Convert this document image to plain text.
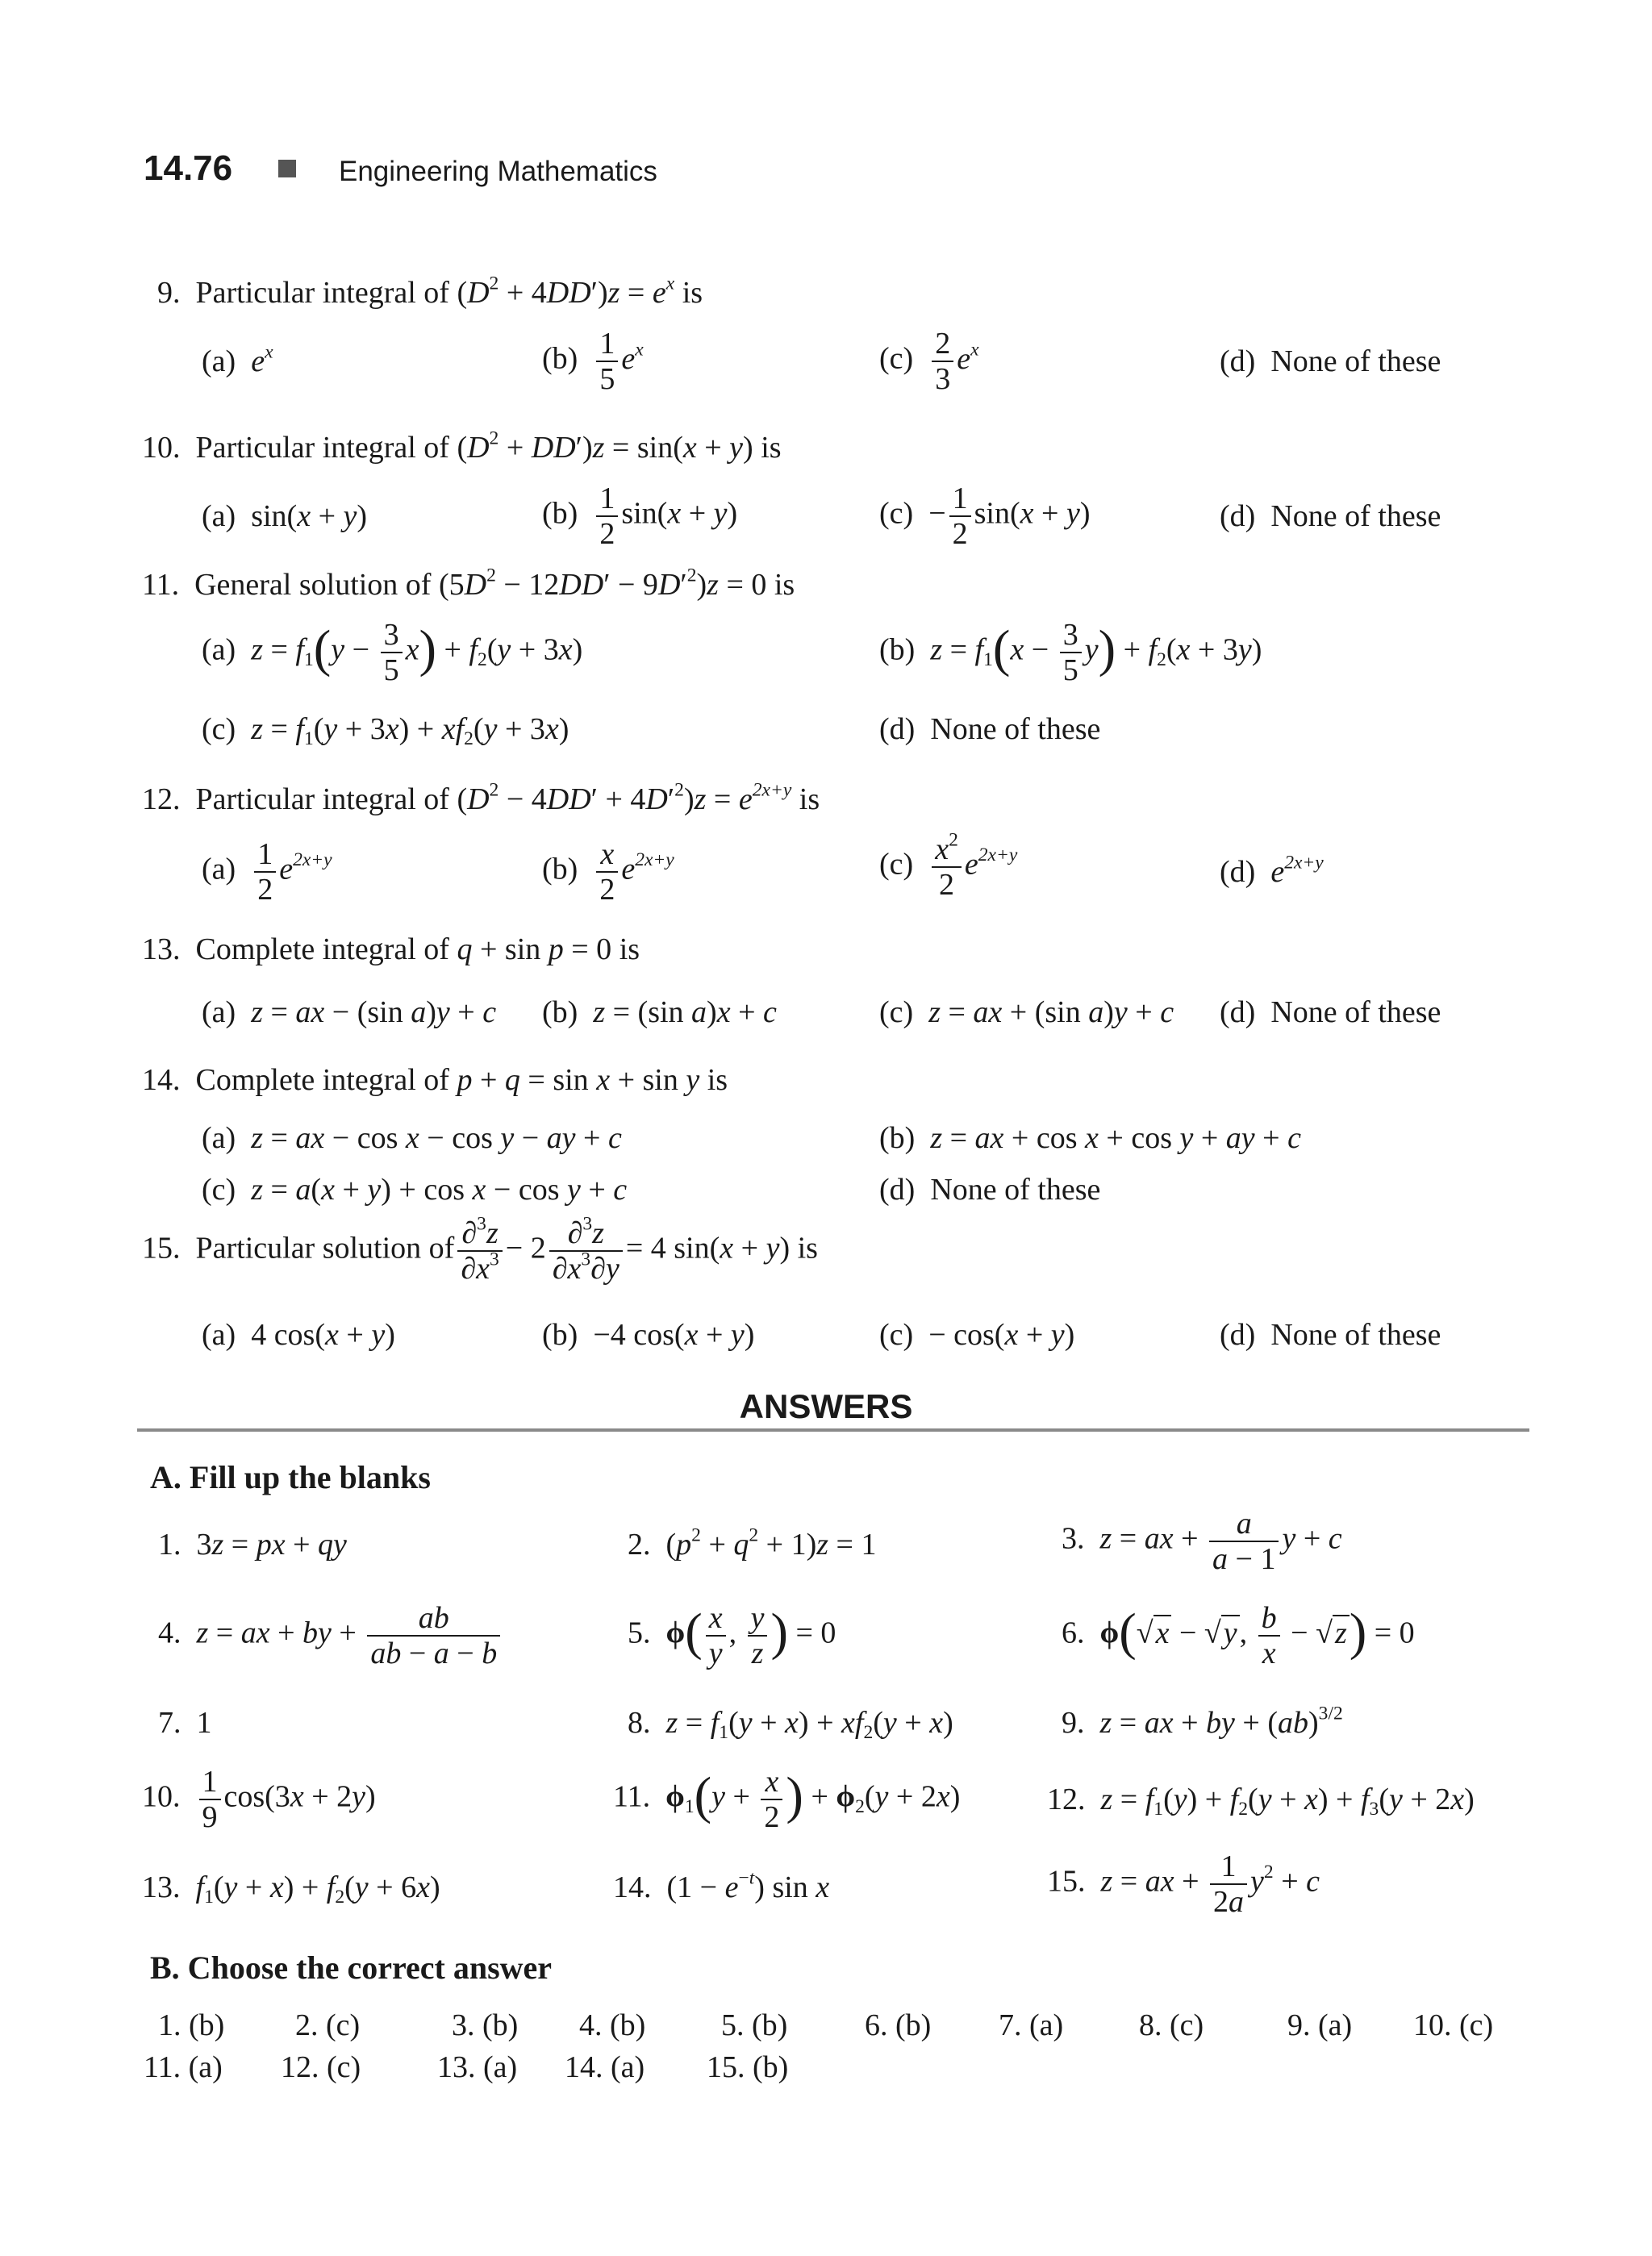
14.76	Engineering Mathematics
9. Particular integral of $(D^2 + 4DD')z = e^x$ is
(a) $e^x$	$(b) \frac{1}{5} e^x$	$(c) \frac{2}{3} e^x$	(d) None of these
10. Particular integral of $(D^2 + DD')z = \sin(x + y)$ is
(a)  sin(x + y)	$(b) \frac{1}{2} \sin(x + y)$	$(c) - \frac{1}{2} \sin(x + y)$	(d) None of these
11. General solution of $(5D^2 - 12DD' - 9D'^2)z = 0$ is
(a) $z = f_1(y - \frac{3}{5} x) + f_2(y + 3x)$	(b) $z = f_1(x - \frac{3}{5} y) + f_2(x + 3y)$
(c) $z = f_1(y + 3x) + xf_2(y + 3x)$	(d) None of these
12. Particular integral of $(D^2 - 4DD' + 4D'^2)z = e^{2x+y}$ is
$(a) \frac{1}{2} e^{2x+y}$	$(b) \frac{x}{2} e^{2x+y}$	$(c) \frac{x^2}{2} e^{2x+y}$	(d) $e^{2x+y}$
13. Complete integral of q + sin p = 0 is
(a) z = ax − (sin a)y + c (b) z = (sin a)x + c	(c) z = ax + (sin a)y + c (d) None of these
14. Complete integral of p + q = sin x + sin y is
(a) z = ax − cos x − cos y − ay + c	(b) z = ax + cos x + cos y + ay + c
(c) z = a(x + y) + cos x − cos y + c	(d) None of these
15. Particular solution of $\frac{\partial^3z}{\partial x^3} - 2 \frac{\partial^3z}{\partial x^3\partial y} = 4$ sin(x + y) is
(a)  4 cos(x + y)	(b)  −4 cos(x + y)	(c)  − cos(x + y)	(d) None of these
ANSWERS
A. Fill up the blanks
1.  3z = px + qy	2.  $(p^2 + q^2 + 1)z = 1$	3. z = ax + $\frac{a}{a - 1}$ y + c
4. z = ax + by + $\frac{ab}{ab - a - b}$	5. $\phi( \frac{x}{y}$ , $\frac{y}{z}$ ) = 0	6. ϕ(√x − √y, $\frac{b}{x} - √z) = 0$
7.  1	8. $z = f_1(y + x) + xf_2(y + x)$	9. z = ax + by + (ab)$^{3/2}$
10. $\frac{1}{9} \cos(3x + 2y)$	11. $\phi_1(y + \frac{x}{2}$ ) + $\phi_2(y + 2x)$	12. $z = f_1(y) + f_2(y + x) + f_3(y + 2x)$
13. $f_1(y + x) + f_2(y + 6x)$	14.  $(1 - e^{-t})$ sin x	15. z = ax + $\frac{1}{2a} y^2 + c$
B. Choose the correct answer
1. (b) 2. (c)	3. (b) 4. (b) 5. (b)	6. (b) 7. (a) 8. (c)	9. (a) 10. (c)
11. (a) 12. (c) 13. (a) 14. (a) 15. (b)
